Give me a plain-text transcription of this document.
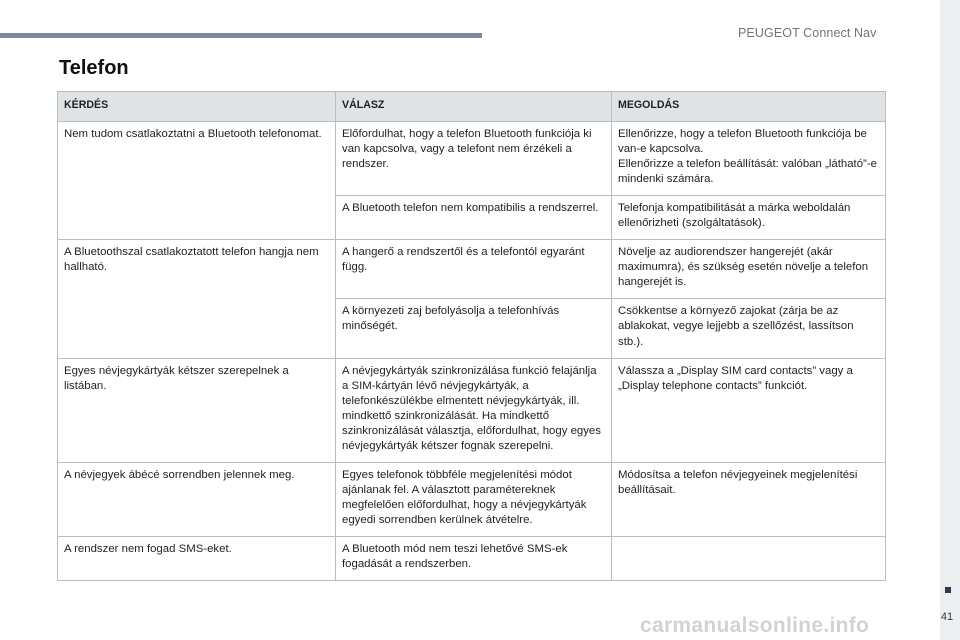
PEUGEOT Connect Nav
41
Telefon
KÉRDÉS	VÁLASZ	MEGOLDÁS
Nem tudom csatlakoztatni a Bluetooth telefonomat.	Előfordulhat, hogy a telefon Bluetooth funkciója ki van kapcsolva, vagy a telefont nem érzékeli a rendszer.	Ellenőrizze, hogy a telefon Bluetooth funkciója be van-e kapcsolva.
Ellenőrizze a telefon beállítását: valóban „látható”-e mindenki számára.
	A Bluetooth telefon nem kompatibilis a rendszerrel.	Telefonja kompatibilitását a márka weboldalán ellenőrizheti (szolgáltatások).
A Bluetoothszal csatlakoztatott telefon hangja nem hallható.	A hangerő a rendszertől és a telefontól egyaránt függ.	Növelje az audiorendszer hangerejét (akár maximumra), és szükség esetén növelje a telefon hangerejét is.
	A környezeti zaj befolyásolja a telefonhívás minőségét.	Csökkentse a környező zajokat (zárja be az ablakokat, vegye lejjebb a szellőzést, lassítson stb.).
Egyes névjegykártyák kétszer szerepelnek a listában.	A névjegykártyák szinkronizálása funkció felajánlja a SIM-kártyán lévő névjegykártyák, a telefonkészülékbe elmentett névjegykártyák, ill. mindkettő szinkronizálását. Ha mindkettő szinkronizálását választja, előfordulhat, hogy egyes névjegykártyák kétszer fognak szerepelni.	Válassza a „Display SIM card contacts” vagy a „Display telephone contacts” funkciót.
A névjegyek ábécé sorrendben jelennek meg.	Egyes telefonok többféle megjelenítési módot ajánlanak fel. A választott paramétereknek megfelelően előfordulhat, hogy a névjegykártyák egyedi sorrendben kerülnek átvételre.	Módosítsa a telefon névjegyeinek megjelenítési beállításait.
A rendszer nem fogad SMS-eket.	A Bluetooth mód nem teszi lehetővé SMS-ek fogadását a rendszerben.	
carmanualsonline.info
